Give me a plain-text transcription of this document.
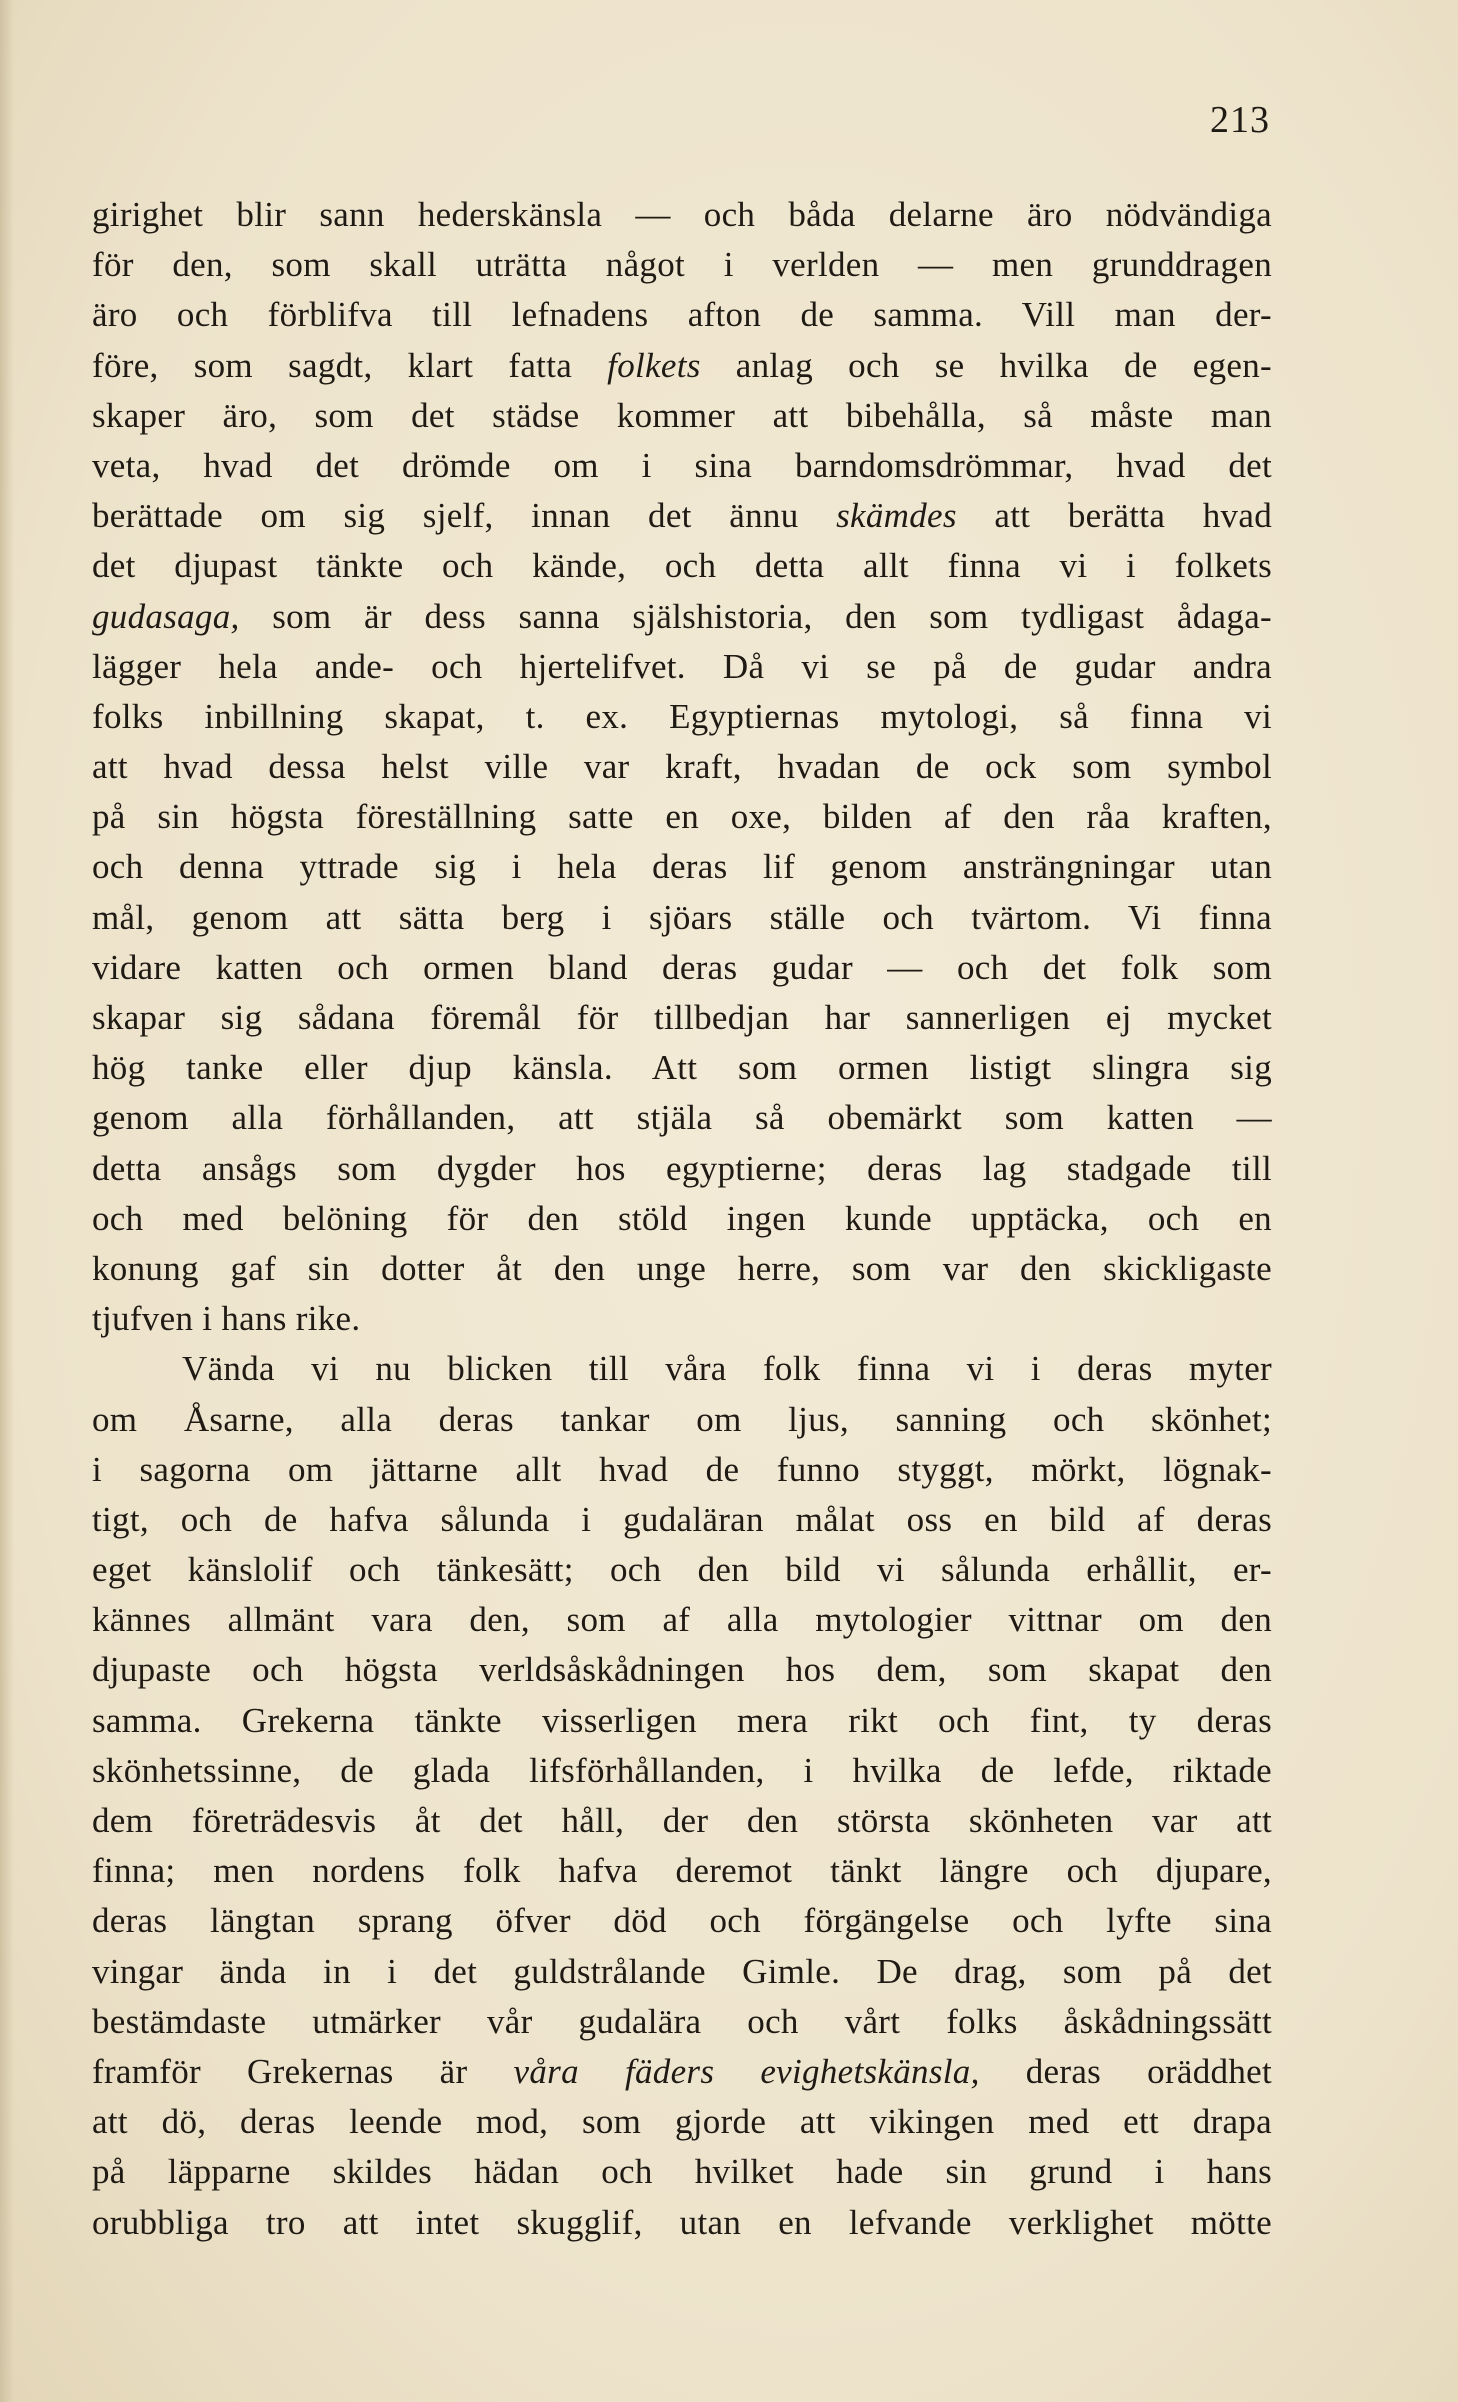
213
girighet blir sann hederskänsla — och båda delarne äro nödvändiga
för den, som skall uträtta något i verlden — men grunddragen
äro och förblifva till lefnadens afton de samma. Vill man der-
före, som sagdt, klart fatta folkets anlag och se hvilka de egen-
skaper äro, som det städse kommer att bibehålla, så måste man
veta, hvad det drömde om i sina barndomsdrömmar, hvad det
berättade om sig sjelf, innan det ännu skämdes att berätta hvad
det djupast tänkte och kände, och detta allt finna vi i folkets
gudasaga, som är dess sanna själshistoria, den som tydligast ådaga-
lägger hela ande- och hjertelifvet. Då vi se på de gudar andra
folks inbillning skapat, t. ex. Egyptiernas mytologi, så finna vi
att hvad dessa helst ville var kraft, hvadan de ock som symbol
på sin högsta föreställning satte en oxe, bilden af den råa kraften,
och denna yttrade sig i hela deras lif genom ansträngningar utan
mål, genom att sätta berg i sjöars ställe och tvärtom. Vi finna
vidare katten och ormen bland deras gudar — och det folk som
skapar sig sådana föremål för tillbedjan har sannerligen ej mycket
hög tanke eller djup känsla. Att som ormen listigt slingra sig
genom alla förhållanden, att stjäla så obemärkt som katten —
detta ansågs som dygder hos egyptierne; deras lag stadgade till
och med belöning för den stöld ingen kunde upptäcka, och en
konung gaf sin dotter åt den unge herre, som var den skickligaste
tjufven i hans rike.
Vända vi nu blicken till våra folk finna vi i deras myter
om Åsarne, alla deras tankar om ljus, sanning och skönhet;
i sagorna om jättarne allt hvad de funno styggt, mörkt, lögnak-
tigt, och de hafva sålunda i gudaläran målat oss en bild af deras
eget känslolif och tänkesätt; och den bild vi sålunda erhållit, er-
kännes allmänt vara den, som af alla mytologier vittnar om den
djupaste och högsta verldsåskådningen hos dem, som skapat den
samma. Grekerna tänkte visserligen mera rikt och fint, ty deras
skönhetssinne, de glada lifsförhållanden, i hvilka de lefde, riktade
dem företrädesvis åt det håll, der den största skönheten var att
finna; men nordens folk hafva deremot tänkt längre och djupare,
deras längtan sprang öfver död och förgängelse och lyfte sina
vingar ända in i det guldstrålande Gimle. De drag, som på det
bestämdaste utmärker vår gudalära och vårt folks åskådningssätt
framför Grekernas är våra fäders evighetskänsla, deras oräddhet
att dö, deras leende mod, som gjorde att vikingen med ett drapa
på läpparne skildes hädan och hvilket hade sin grund i hans
orubbliga tro att intet skugglif, utan en lefvande verklighet mötte
